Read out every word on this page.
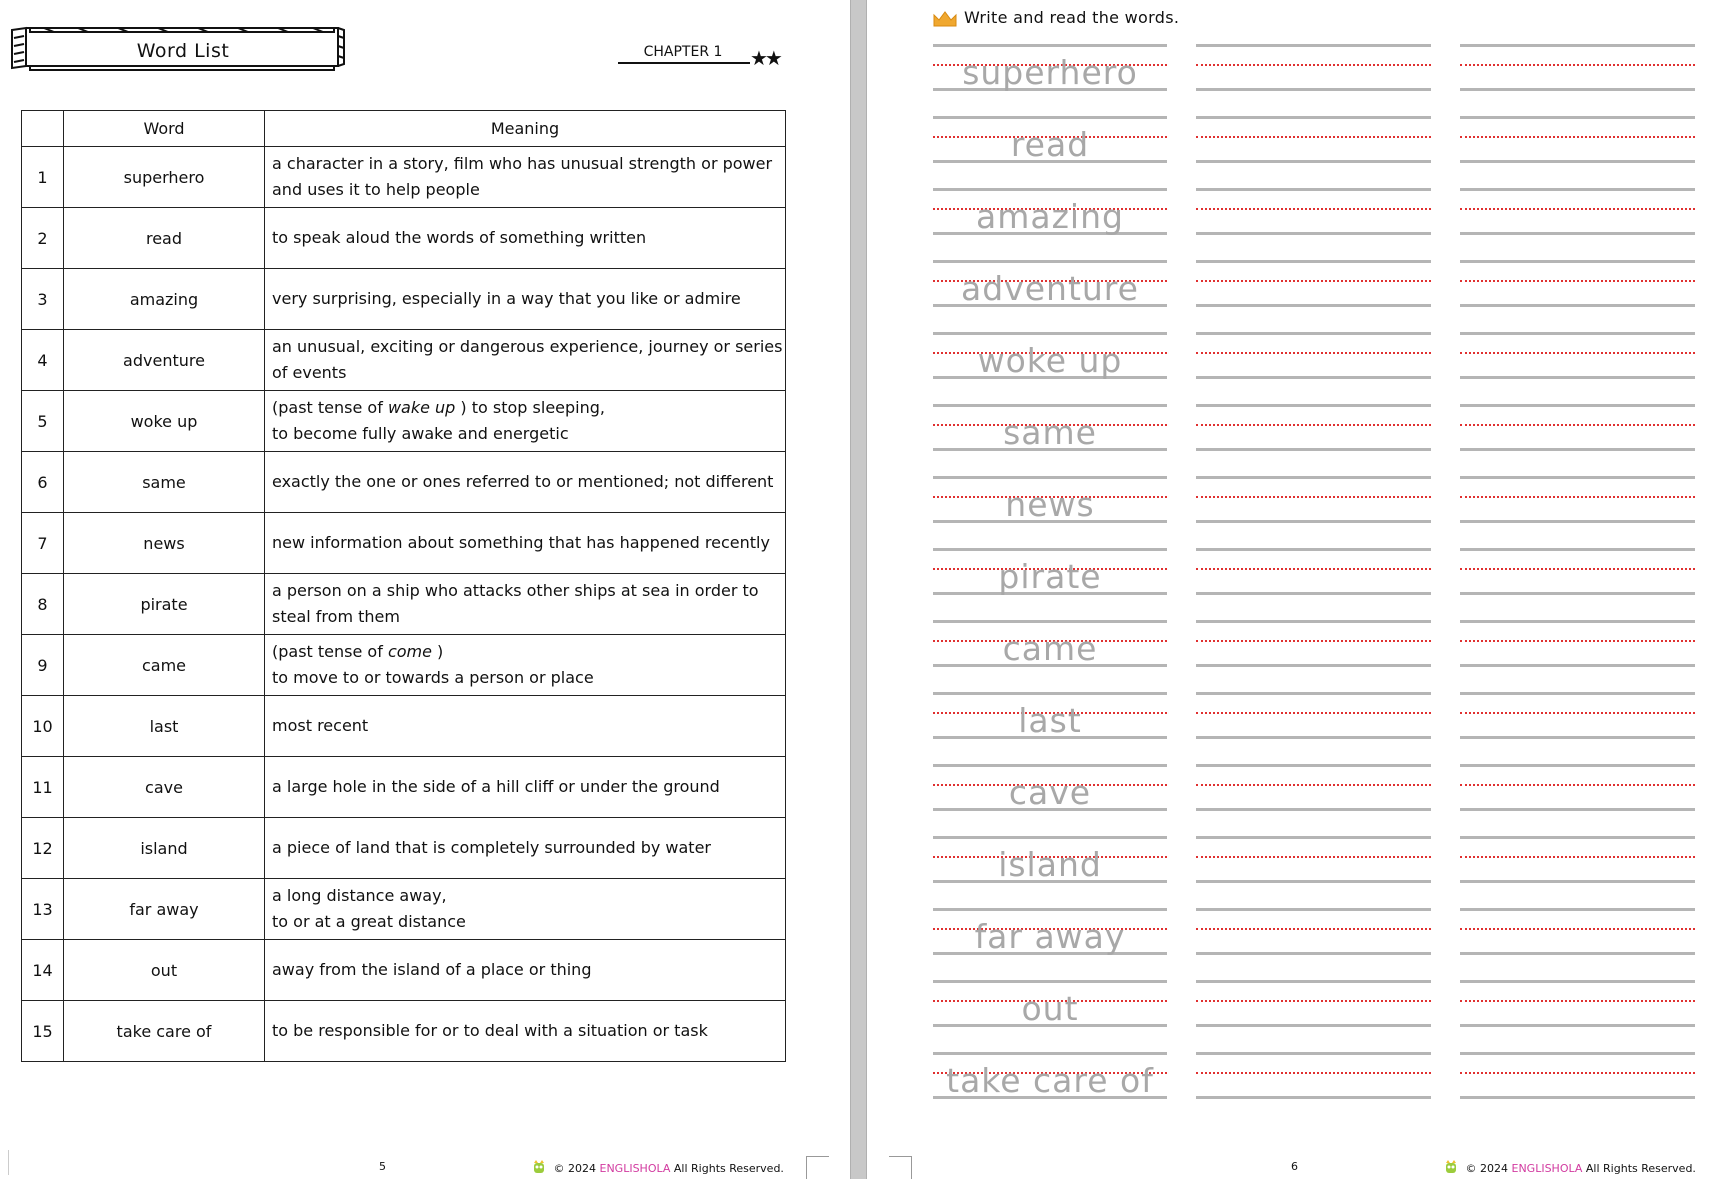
Word List	CHAPTER 1	★★
	Word	Meaning
1	superhero	a character in a story, film who has unusual strength or power and uses it to help people
2	read	to speak aloud the words of something written
3	amazing	very surprising, especially in a way that you like or admire
4	adventure	an unusual, exciting or dangerous experience, journey or series of events
5	woke up	(past tense of wake up ) to stop sleeping,
to become fully awake and energetic
6	same	exactly the one or ones referred to or mentioned; not different
7	news	new information about something that has happened recently
8	pirate	a person on a ship who attacks other ships at sea in order to steal from them
9	came	(past tense of come )
to move to or towards a person or place
10	last	most recent
11	cave	a large hole in the side of a hill cliff or under the ground
12	island	a piece of land that is completely surrounded by water
13	far away	a long distance away,
to or at a great distance
14	out	away from the island of a place or thing
15	take care of	to be responsible for or to deal with a situation or task
5	© 2024 ENGLISHOLA All Rights Reserved.
Write and read the words.
superhero
read
amazing
adventure
woke up
same
news
pirate
came
last
cave
island
far away
out
take care of
6	© 2024 ENGLISHOLA All Rights Reserved.
